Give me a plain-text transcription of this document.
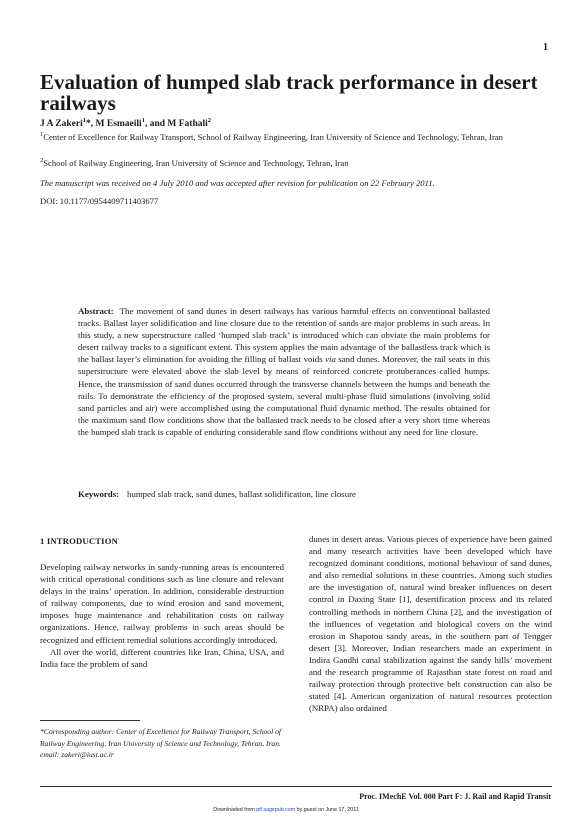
1
Evaluation of humped slab track performance in desert railways
J A Zakeri$^1$*, M Esmaeili$^1$, and M Fathali$^2$
$^1$Center of Excellence for Railway Transport, School of Railway Engineering, Iran University of Science and Technology, Tehran, Iran
$^2$School of Railway Engineering, Iran University of Science and Technology, Tehran, Iran
The manuscript was received on 4 July 2010 and was accepted after revision for publication on 22 February 2011.
DOI: 10.1177/0954409711403677

Abstract: The movement of sand dunes in desert railways has various harmful effects on conventional ballasted tracks. Ballast layer solidification and line closure due to the retention of sands are major problems in such areas. In this study, a new superstructure called ‘humped slab track’ is introduced which can obviate the main problems for desert railway tracks to a significant extent. This system applies the main advantage of the ballastless track which is the ballast layer’s elimination for avoiding the filling of ballast voids via sand dunes. Moreover, the rail seats in this superstructure were elevated above the slab level by means of reinforced concrete protuberances called humps. Hence, the transmission of sand dunes occurred through the transverse channels between the humps and beneath the rails. To demonstrate the efficiency of the proposed system, several multi-phase fluid simulations (involving solid sand particles and air) were accomplished using the computational fluid dynamic method. The results obtained for the maximum sand flow conditions show that the ballasted track needs to be closed after a very short time whereas the humped slab track is capable of enduring considerable sand flow conditions without any need for line closure.

Keywords: humped slab track, sand dunes, ballast solidification, line closure
1 INTRODUCTION

Developing railway networks in sandy-running areas is encountered with critical operational conditions such as line closure and relevant delays in the trains’ operation. In addition, considerable destruction of railway components, due to wind erosion and sand movement, imposes huge maintenance and rehabilitation costs on railway organizations. Hence, railway problems in such areas should be recognized and efficient remedial solutions accordingly introduced.

All over the world, different countries like Iran, China, USA, and India face the problem of sand

dunes in desert areas. Various pieces of experience have been gained and many research activities have been developed which have recognized dominant conditions, motional behaviour of sand dunes, and also remedial solutions in these countries. Among such studies are the investigation of, natural wind breaker influences on desert control in Daxing State [1], desertification process and its related controlling methods in northern China [2], and the investigation of the influences of vegetation and biological covers on the wind erosion in Shapotou sandy areas, in the southern part of Tengger desert [3]. Moreover, Indian researchers made an experiment in Indira Gandhi canal stabilization against the sandy hills’ movement and the research programme of Rajasthan state forest on road and railway protection through protective belt construction can also be stated [4]. American organization of natural resources protection (NRPA) also ordained

*Corresponding author: Center of Excellence for Railway Transport, School of Railway Engineering, Iran University of Science and Technology, Tehran, Iran.

email: zakeri@iust.ac.ir

Proc. IMechE Vol. 000 Part F: J. Rail and Rapid Transit
Downloaded from pif.sagepub.com by guest on June 17, 2011
